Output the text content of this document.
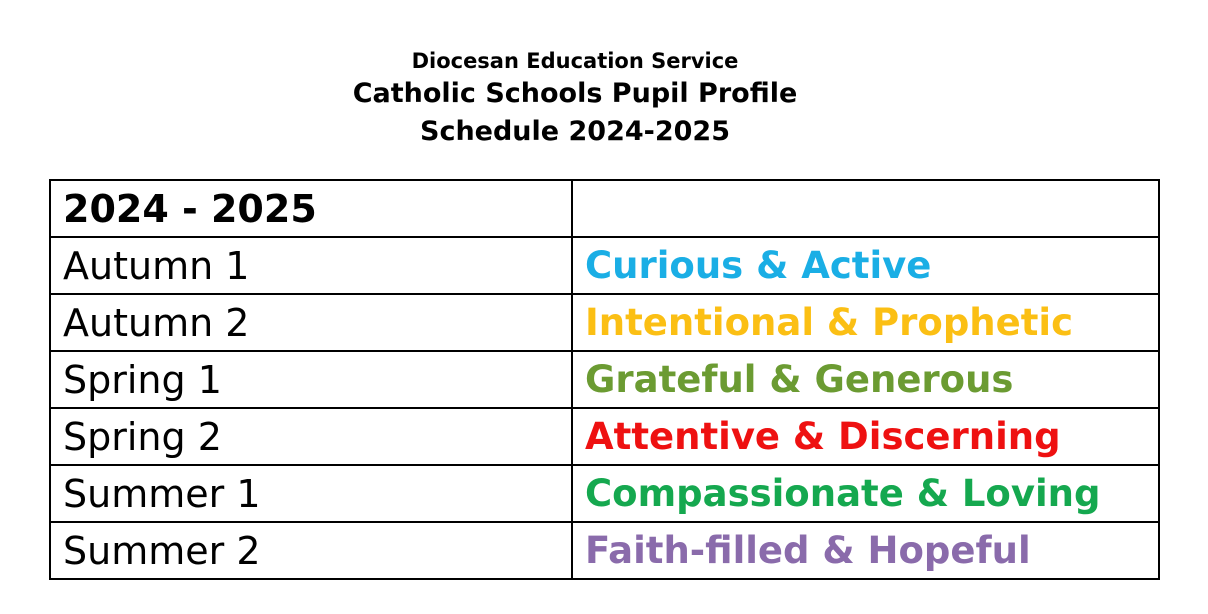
Diocesan Education Service
Catholic Schools Pupil Profile
Schedule 2024-2025
2024 - 2025	
Autumn 1	Curious & Active
Autumn 2	Intentional & Prophetic
Spring 1	Grateful & Generous
Spring 2	Attentive & Discerning
Summer 1	Compassionate & Loving
Summer 2	Faith-filled & Hopeful
